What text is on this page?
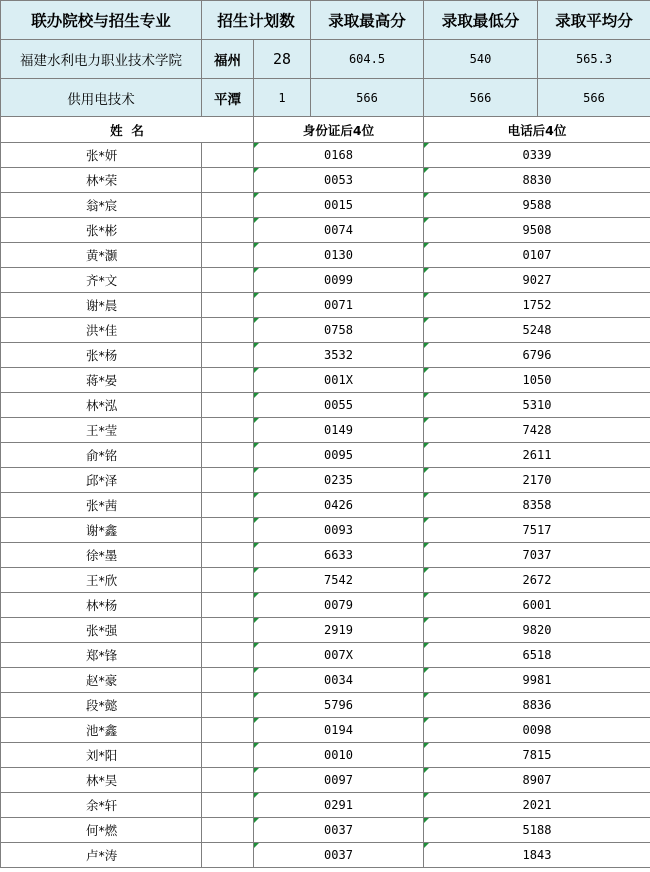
联办院校与招生专业	招生计划数		录取最高分	录取最低分	录取平均分
福建水利电力职业技术学院	福州	28	604.5	540	565.3
供用电技术	平潭	1	566	566	566
姓  名		身份证后4位	电话后4位
张*妍		0168	0339
林*荣		0053	8830
翁*宸		0015	9588
张*彬		0074	9508
黄*灏		0130	0107
齐*文		0099	9027
谢*晨		0071	1752
洪*佳		0758	5248
张*杨		3532	6796
蒋*晏		001X	1050
林*泓		0055	5310
王*莹		0149	7428
俞*铭		0095	2611
邱*泽		0235	2170
张*茜		0426	8358
谢*鑫		0093	7517
徐*墨		6633	7037
王*欣		7542	2672
林*杨		0079	6001
张*强		2919	9820
郑*锋		007X	6518
赵*豪		0034	9981
段*懿		5796	8836
池*鑫		0194	0098
刘*阳		0010	7815
林*昊		0097	8907
余*轩		0291	2021
何*燃		0037	5188
卢*涛		0037	1843
